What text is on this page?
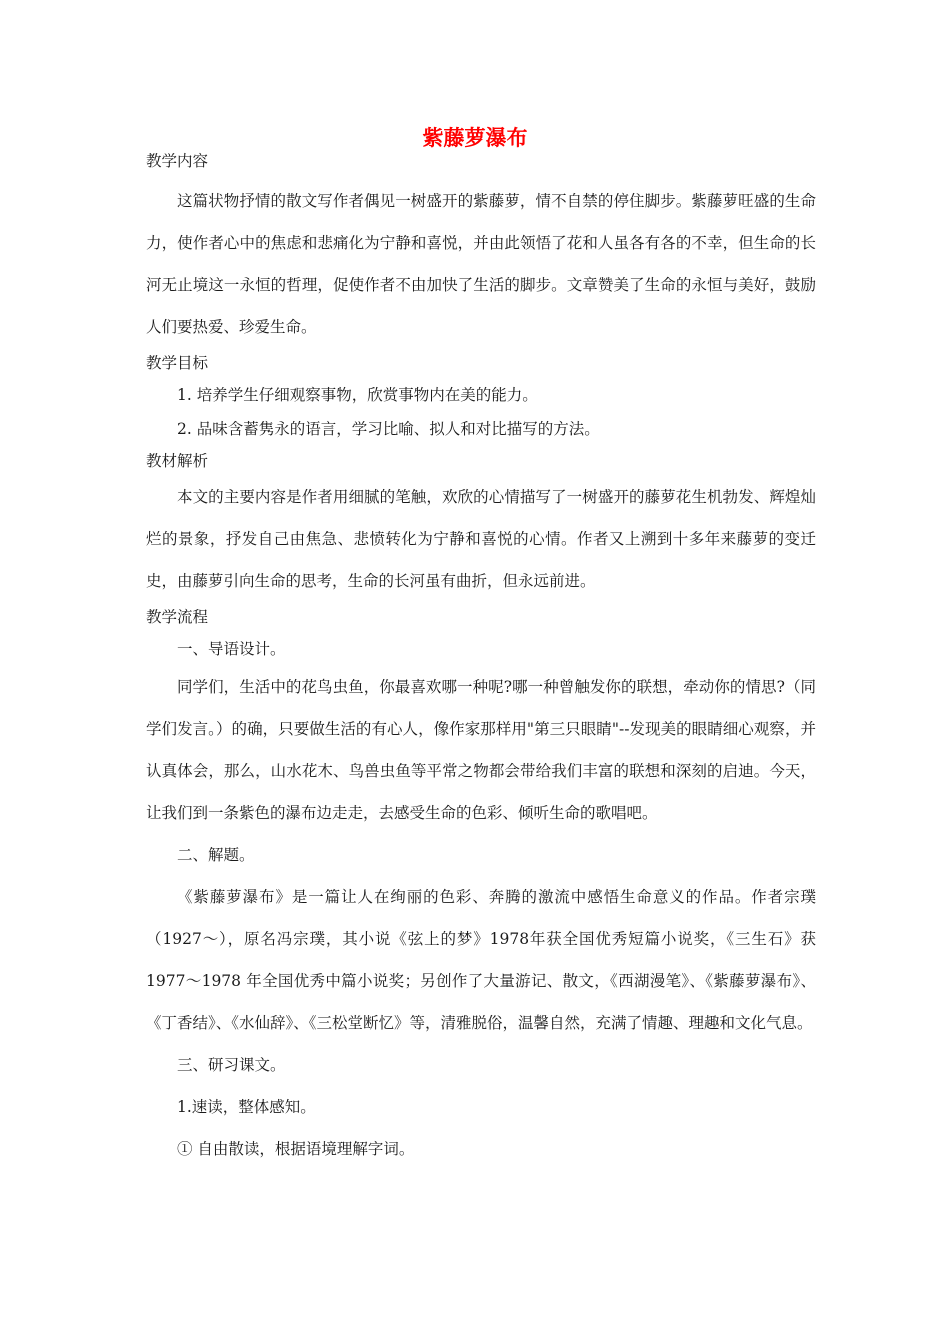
紫藤萝瀑布

教学内容

这篇状物抒情的散文写作者偶见一树盛开的紫藤萝，情不自禁的停住脚步。紫藤萝旺盛的生命力，使作者心中的焦虑和悲痛化为宁静和喜悦，并由此领悟了花和人虽各有各的不幸，但生命的长河无止境这一永恒的哲理，促使作者不由加快了生活的脚步。文章赞美了生命的永恒与美好，鼓励人们要热爱、珍爱生命。

教学目标

1. 培养学生仔细观察事物，欣赏事物内在美的能力。

2. 品味含蓄隽永的语言，学习比喻、拟人和对比描写的方法。

教材解析

本文的主要内容是作者用细腻的笔触，欢欣的心情描写了一树盛开的藤萝花生机勃发、辉煌灿烂的景象，抒发自己由焦急、悲愤转化为宁静和喜悦的心情。作者又上溯到十多年来藤萝的变迁史，由藤萝引向生命的思考，生命的长河虽有曲折，但永远前进。

教学流程

一、导语设计。

同学们，生活中的花鸟虫鱼，你最喜欢哪一种呢?哪一种曾触发你的联想，牵动你的情思?（同学们发言。）的确，只要做生活的有心人，像作家那样用"第三只眼睛"--发现美的眼睛细心观察，并认真体会，那么，山水花木、鸟兽虫鱼等平常之物都会带给我们丰富的联想和深刻的启迪。今天，让我们到一条紫色的瀑布边走走，去感受生命的色彩、倾听生命的歌唱吧。

二、解题。

《紫藤萝瀑布》是一篇让人在绚丽的色彩、奔腾的激流中感悟生命意义的作品。作者宗璞（1927～），原名冯宗璞，其小说《弦上的梦》1978年获全国优秀短篇小说奖，《三生石》获 1977～1978 年全国优秀中篇小说奖；另创作了大量游记、散文，《西湖漫笔》、《紫藤萝瀑布》、《丁香结》、《水仙辞》、《三松堂断忆》等，清雅脱俗，温馨自然，充满了情趣、理趣和文化气息。

三、研习课文。

1.速读，整体感知。

① 自由散读，根据语境理解字词。
